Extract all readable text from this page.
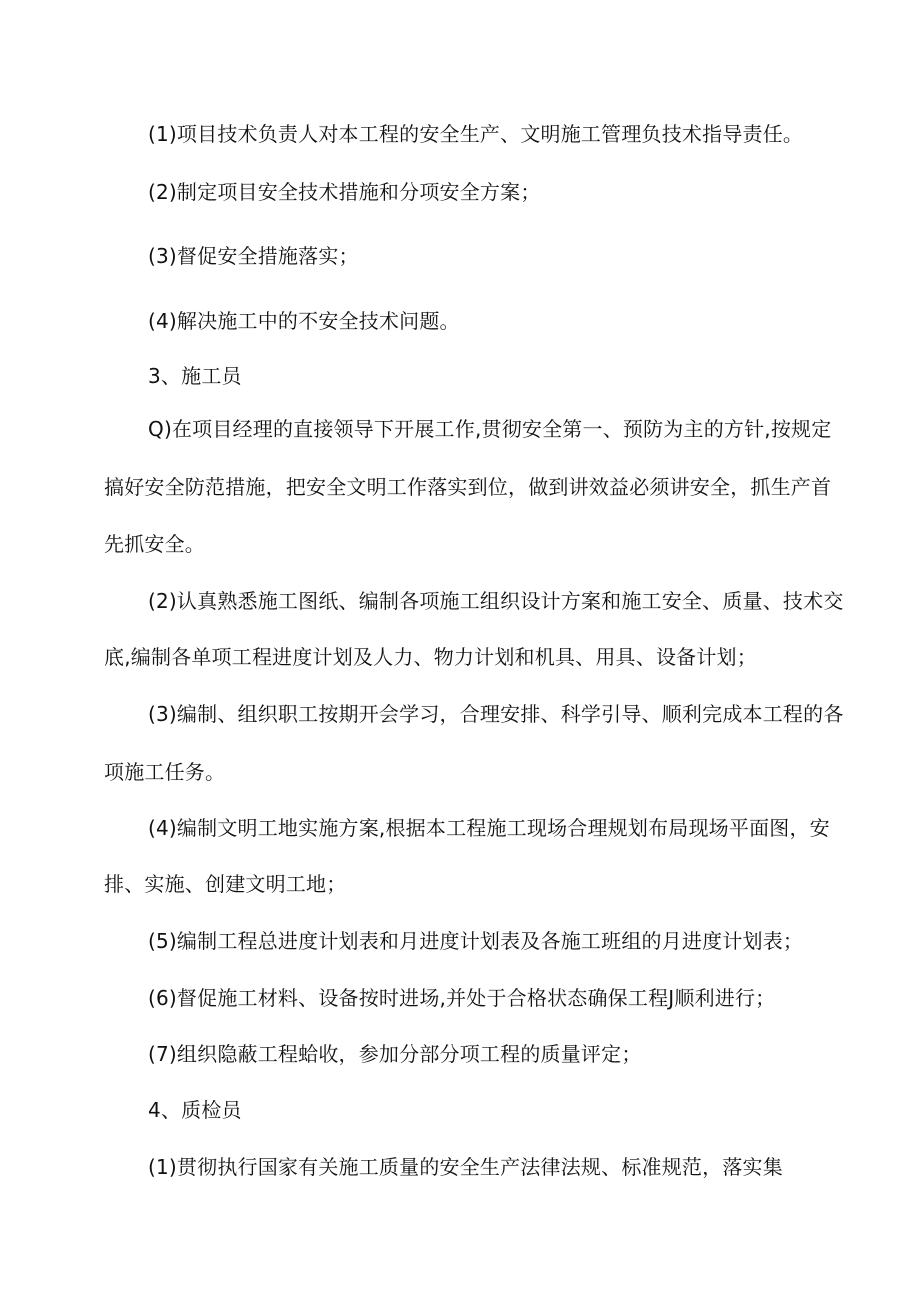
(1)项目技术负责人对本工程的安全生产、文明施工管理负技术指导责任。
(2)制定项目安全技术措施和分项安全方案；
(3)督促安全措施落实；
(4)解决施工中的不安全技术问题。
3、施工员
Q)在项目经理的直接领导下开展工作,贯彻安全第一、预防为主的方针,按规定
搞好安全防范措施，把安全文明工作落实到位，做到讲效益必须讲安全，抓生产首
先抓安全。
(2)认真熟悉施工图纸、编制各项施工组织设计方案和施工安全、质量、技术交
底,编制各单项工程进度计划及人力、物力计划和机具、用具、设备计划；
(3)编制、组织职工按期开会学习，合理安排、科学引导、顺利完成本工程的各
项施工任务。
(4)编制文明工地实施方案,根据本工程施工现场合理规划布局现场平面图，安
排、实施、创建文明工地；
(5)编制工程总进度计划表和月进度计划表及各施工班组的月进度计划表；
(6)督促施工材料、设备按时进场,并处于合格状态确保工程J顺利进行；
(7)组织隐蔽工程蛤收，参加分部分项工程的质量评定；
4、质检员
(1)贯彻执行国家有关施工质量的安全生产法律法规、标准规范，落实集
